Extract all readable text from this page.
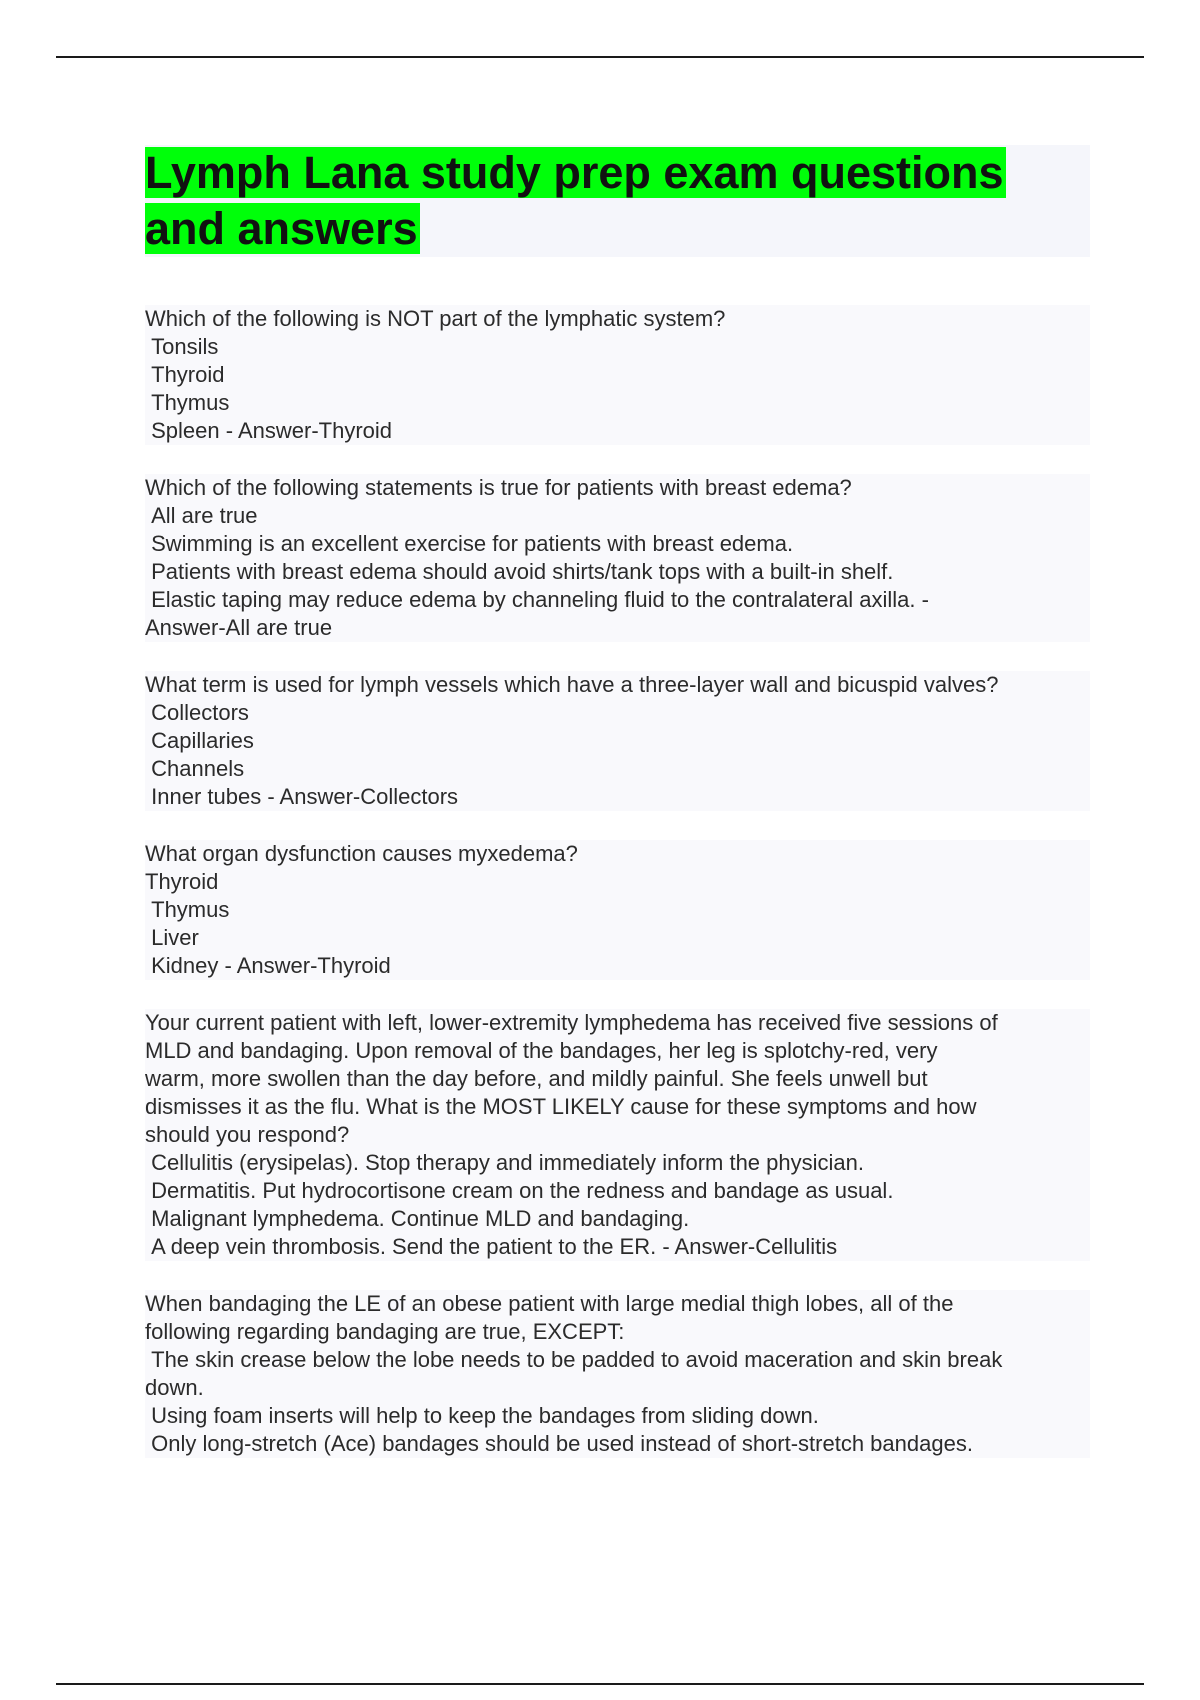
Lymph Lana study prep exam questions and answers
Which of the following is NOT part of the lymphatic system?
Tonsils
Thyroid
Thymus
Spleen - Answer-Thyroid
Which of the following statements is true for patients with breast edema?
All are true
Swimming is an excellent exercise for patients with breast edema.
Patients with breast edema should avoid shirts/tank tops with a built-in shelf.
Elastic taping may reduce edema by channeling fluid to the contralateral axilla. -
Answer-All are true
What term is used for lymph vessels which have a three-layer wall and bicuspid valves?
Collectors
Capillaries
Channels
Inner tubes - Answer-Collectors
What organ dysfunction causes myxedema?
Thyroid
Thymus
Liver
Kidney - Answer-Thyroid
Your current patient with left, lower-extremity lymphedema has received five sessions of
MLD and bandaging. Upon removal of the bandages, her leg is splotchy-red, very
warm, more swollen than the day before, and mildly painful. She feels unwell but
dismisses it as the flu. What is the MOST LIKELY cause for these symptoms and how
should you respond?
Cellulitis (erysipelas). Stop therapy and immediately inform the physician.
Dermatitis. Put hydrocortisone cream on the redness and bandage as usual.
Malignant lymphedema. Continue MLD and bandaging.
A deep vein thrombosis. Send the patient to the ER. - Answer-Cellulitis
When bandaging the LE of an obese patient with large medial thigh lobes, all of the
following regarding bandaging are true, EXCEPT:
The skin crease below the lobe needs to be padded to avoid maceration and skin break
down.
Using foam inserts will help to keep the bandages from sliding down.
Only long-stretch (Ace) bandages should be used instead of short-stretch bandages.
